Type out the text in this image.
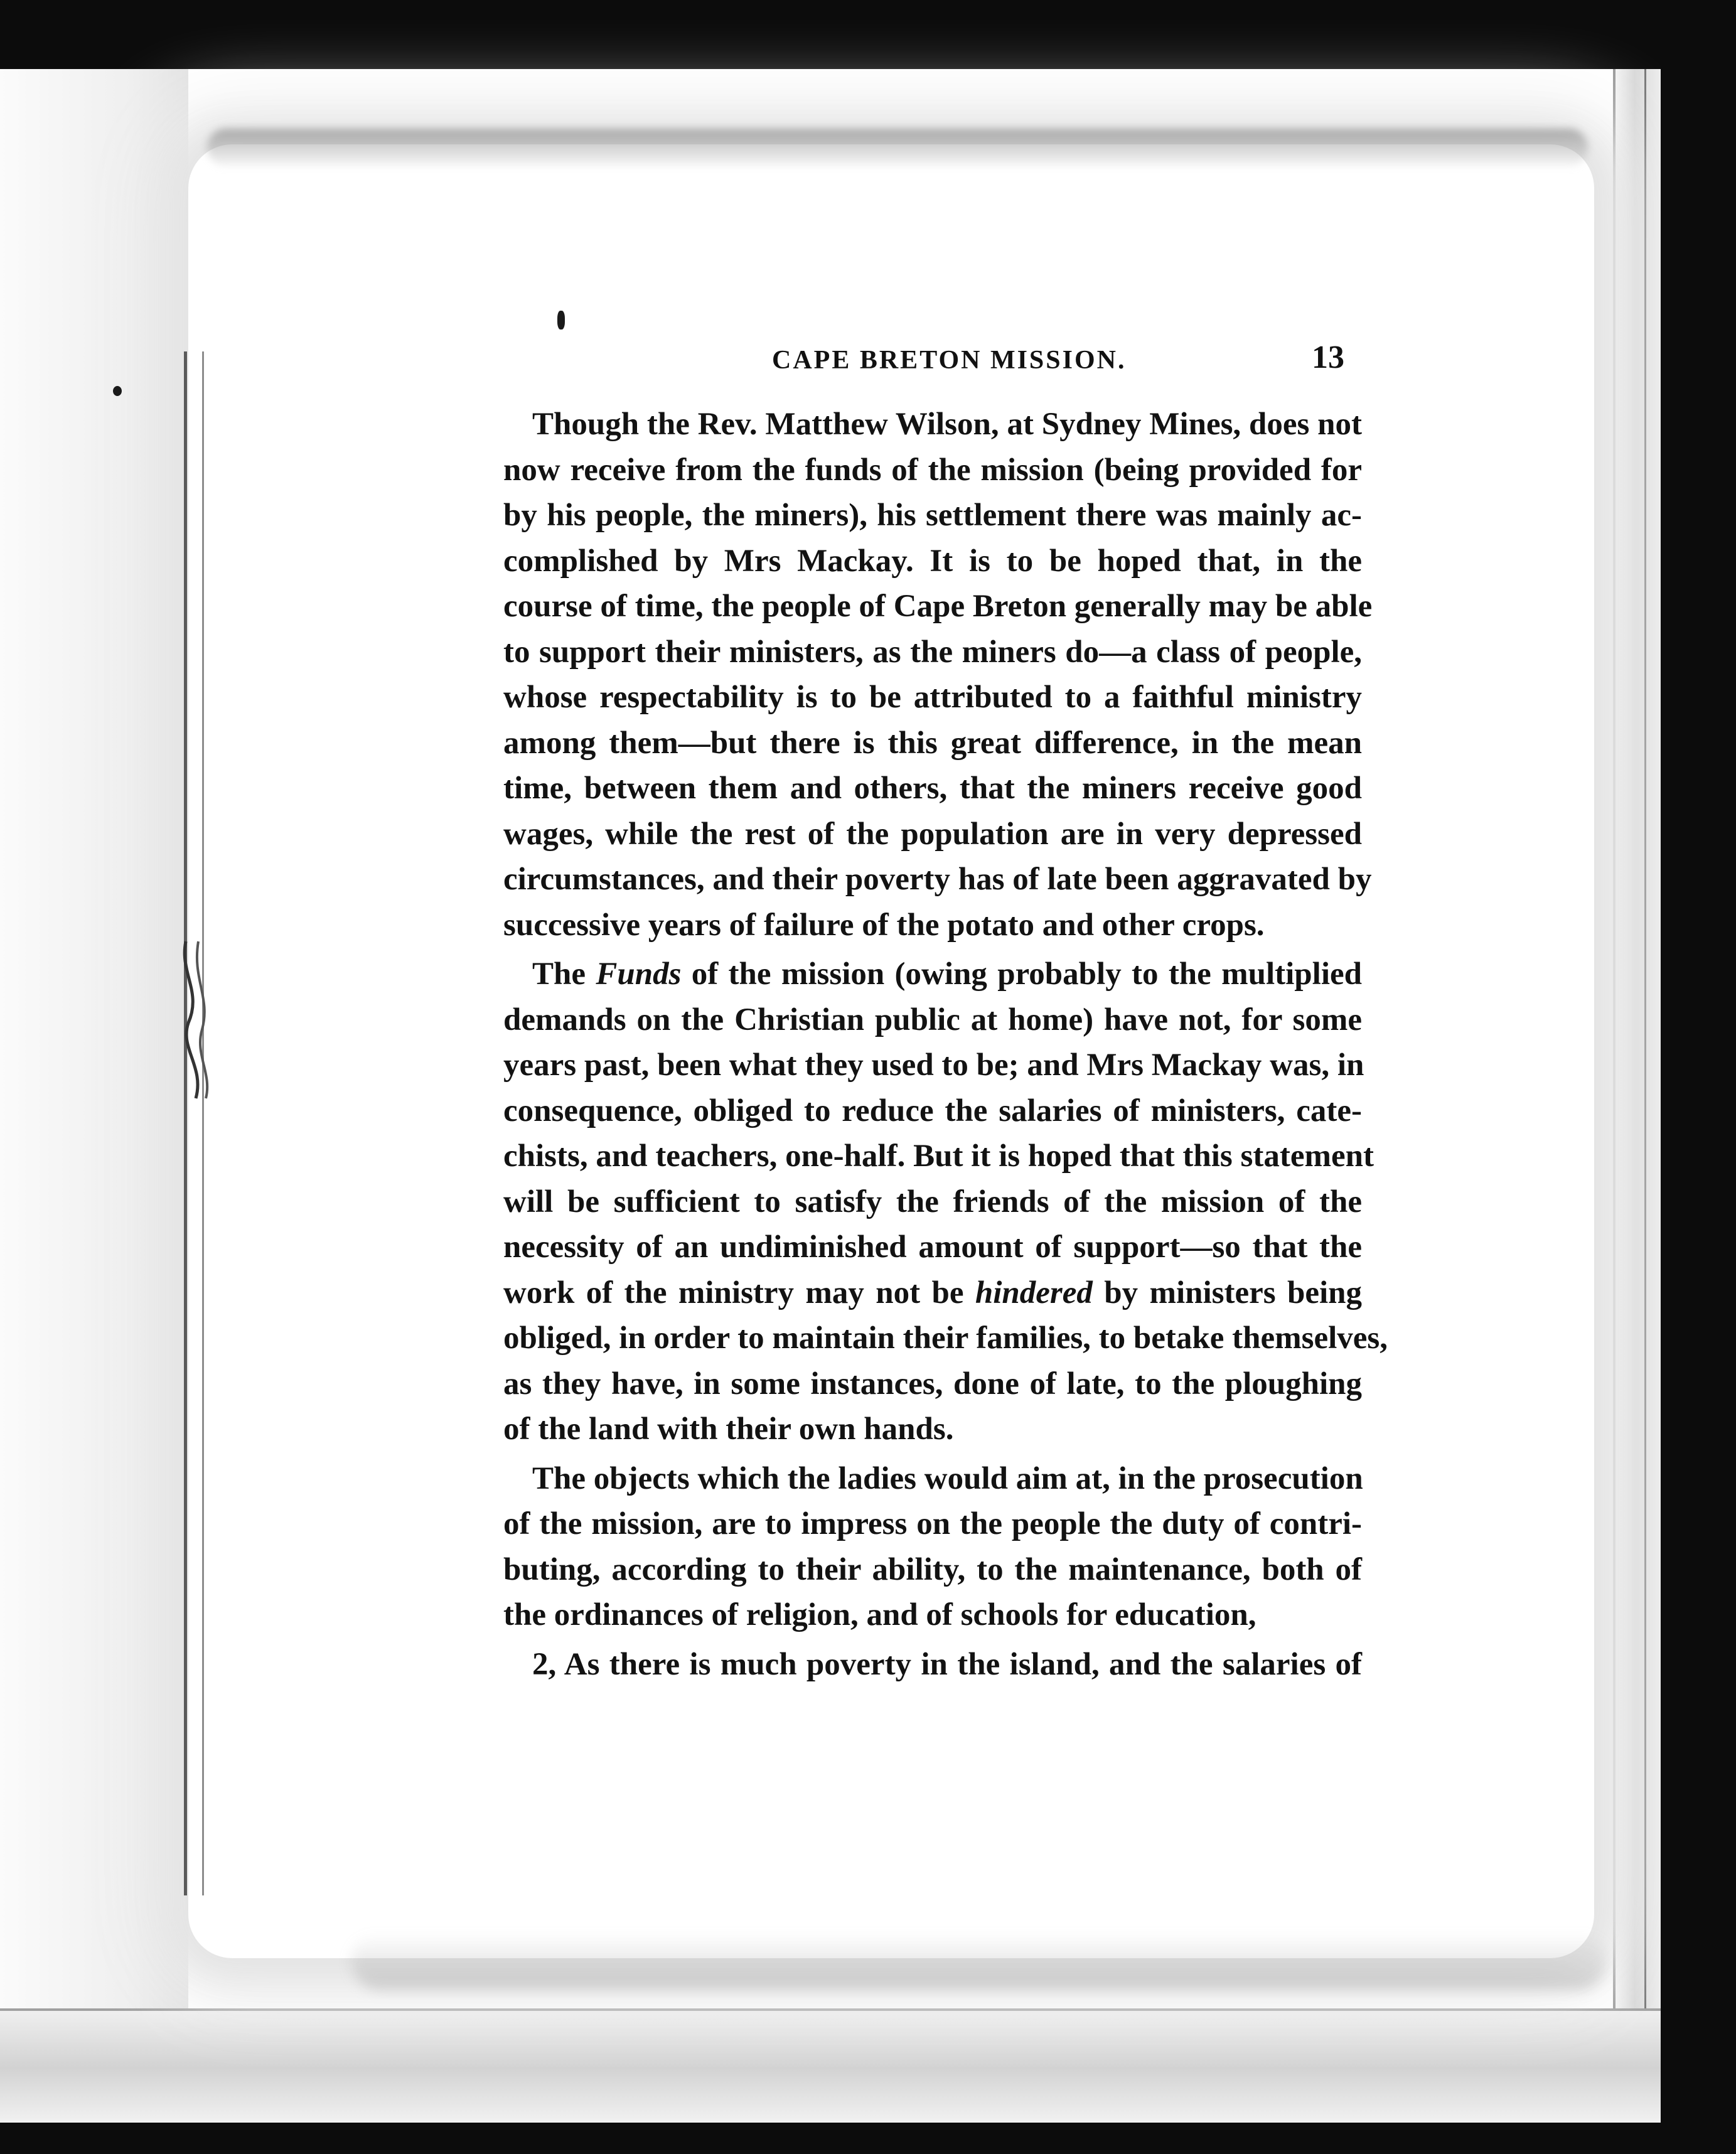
CAPE BRETON MISSION.	13

Though the Rev. Matthew Wilson, at Sydney Mines, does not
now receive from the funds of the mission (being provided for
by his people, the miners), his settlement there was mainly ac-
complished by Mrs Mackay. It is to be hoped that, in the
course of time, the people of Cape Breton generally may be able
to support their ministers, as the miners do—a class of people,
whose respectability is to be attributed to a faithful ministry
among them—but there is this great difference, in the mean
time, between them and others, that the miners receive good
wages, while the rest of the population are in very depressed
circumstances, and their poverty has of late been aggravated by
successive years of failure of the potato and other crops.

The Funds of the mission (owing probably to the multiplied
demands on the Christian public at home) have not, for some
years past, been what they used to be; and Mrs Mackay was, in
consequence, obliged to reduce the salaries of ministers, cate-
chists, and teachers, one-half. But it is hoped that this statement
will be sufficient to satisfy the friends of the mission of the
necessity of an undiminished amount of support—so that the
work of the ministry may not be hindered by ministers being
obliged, in order to maintain their families, to betake themselves,
as they have, in some instances, done of late, to the ploughing
of the land with their own hands.

The objects which the ladies would aim at, in the prosecution
of the mission, are to impress on the people the duty of contri-
buting, according to their ability, to the maintenance, both of
the ordinances of religion, and of schools for education,

2, As there is much poverty in the island, and the salaries of
